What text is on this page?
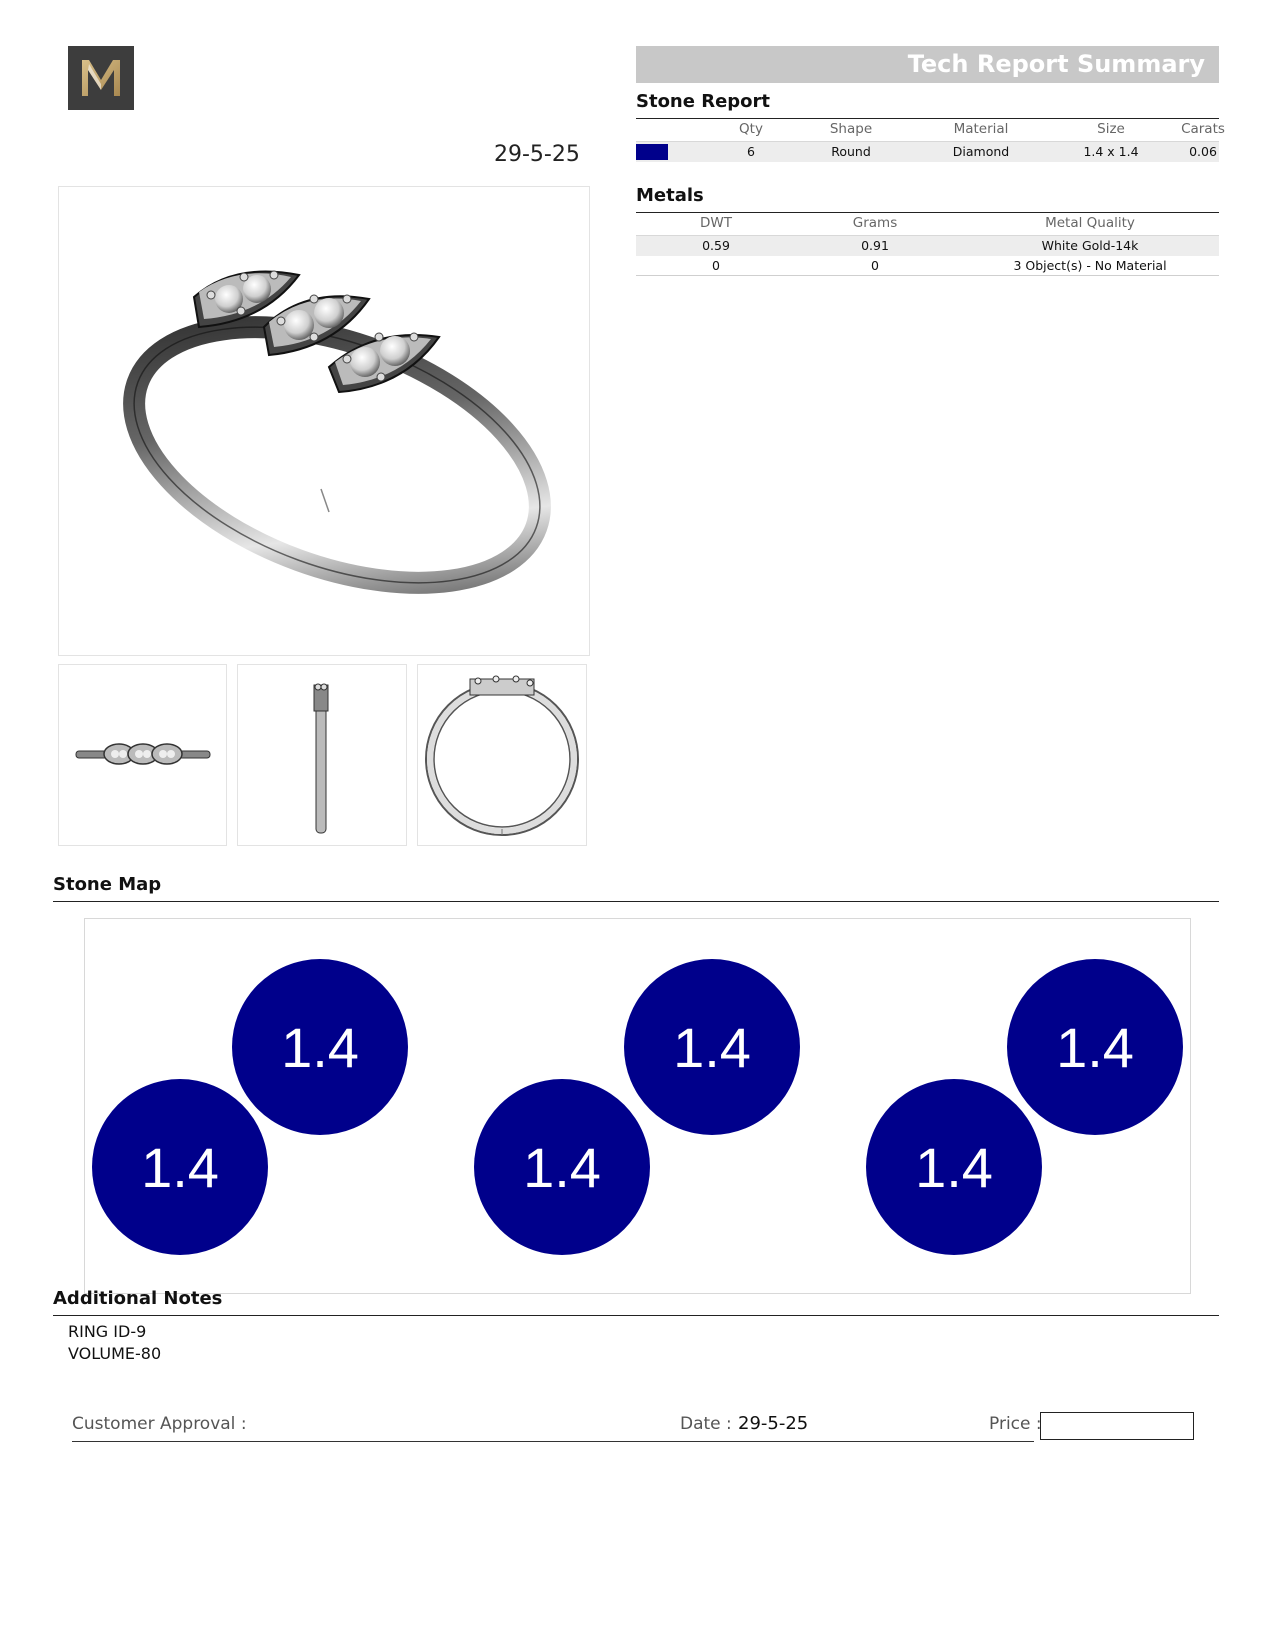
Tech Report Summary
29-5-25
Stone Report
Qty	Shape	Material	Size	Carats
6	Round	Diamond	1.4 x 1.4	0.06
Metals
DWT	Grams	Metal Quality
0.59	0.91	White Gold-14k
0	0	3 Object(s) - No Material
Stone Map
1.4
1.4
1.4
1.4
1.4
1.4
Additional Notes
RING ID-9
VOLUME-80
Customer Approval :	Date : 29-5-25	Price :
